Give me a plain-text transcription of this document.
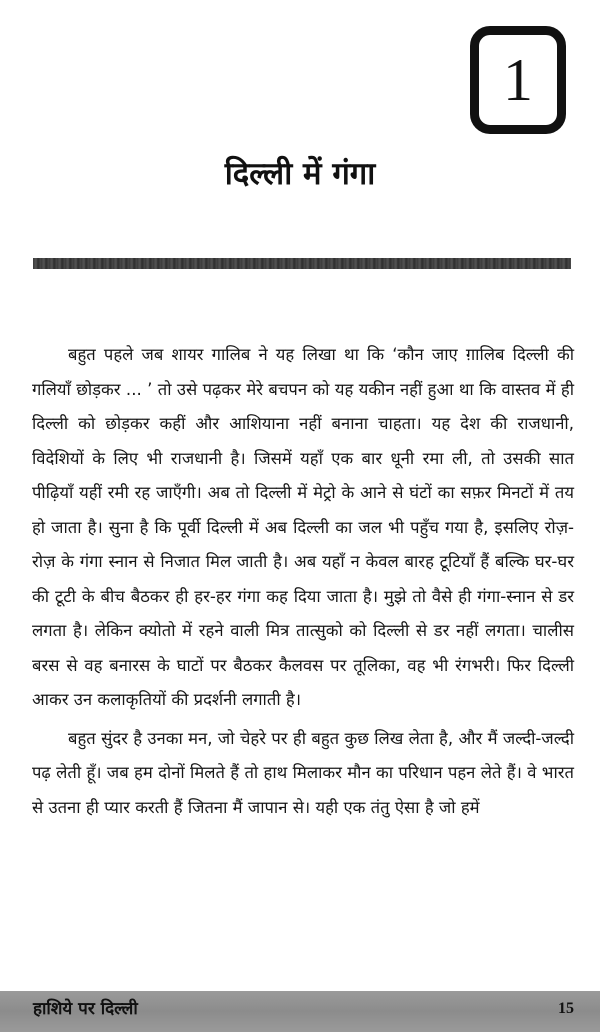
1
दिल्ली में गंगा

बहुत पहले जब शायर गालिब ने यह लिखा था कि ‘कौन जाए ग़ालिब दिल्ली की गलियाँ छोड़कर ... ’ तो उसे पढ़कर मेरे बचपन को यह यकीन नहीं हुआ था कि वास्तव में ही दिल्ली को छोड़कर कहीं और आशियाना नहीं बनाना चाहता। यह देश की राजधानी, विदेशियों के लिए भी राजधानी है। जिसमें यहाँ एक बार धूनी रमा ली, तो उसकी सात पीढ़ियाँ यहीं रमी रह जाएँगी। अब तो दिल्ली में मेट्रो के आने से घंटों का सफ़र मिनटों में तय हो जाता है। सुना है कि पूर्वी दिल्ली में अब दिल्ली का जल भी पहुँच गया है, इसलिए रोज़-रोज़ के गंगा स्नान से निजात मिल जाती है। अब यहाँ न केवल बारह टूटियाँ हैं बल्कि घर-घर की टूटी के बीच बैठकर ही हर-हर गंगा कह दिया जाता है। मुझे तो वैसे ही गंगा-स्नान से डर लगता है। लेकिन क्योतो में रहने वाली मित्र तात्सुको को दिल्ली से डर नहीं लगता। चालीस बरस से वह बनारस के घाटों पर बैठकर कैलवस पर तूलिका, वह भी रंगभरी। फिर दिल्ली आकर उन कलाकृतियों की प्रदर्शनी लगाती है।

बहुत सुंदर है उनका मन, जो चेहरे पर ही बहुत कुछ लिख लेता है, और मैं जल्दी-जल्दी पढ़ लेती हूँ। जब हम दोनों मिलते हैं तो हाथ मिलाकर मौन का परिधान पहन लेते हैं। वे भारत से उतना ही प्यार करती हैं जितना मैं जापान से। यही एक तंतु ऐसा है जो हमें

हाशिये पर दिल्ली	15
